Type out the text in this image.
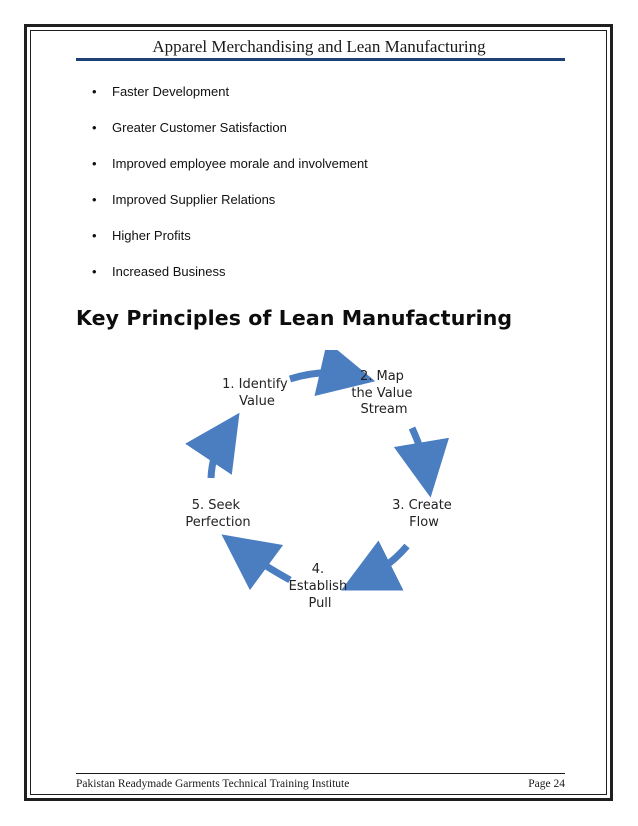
Apparel Merchandising and Lean Manufacturing
•	Faster Development
•	Greater Customer Satisfaction
•	Improved employee morale and involvement
•	Improved Supplier Relations
•	Higher Profits
•	Increased Business
Key Principles of Lean Manufacturing
1. Identify Value
2. Map the Value Stream
3. Create Flow
4. Establish Pull
5. Seek Perfection
Pakistan Readymade Garments Technical Training Institute	Page 24
